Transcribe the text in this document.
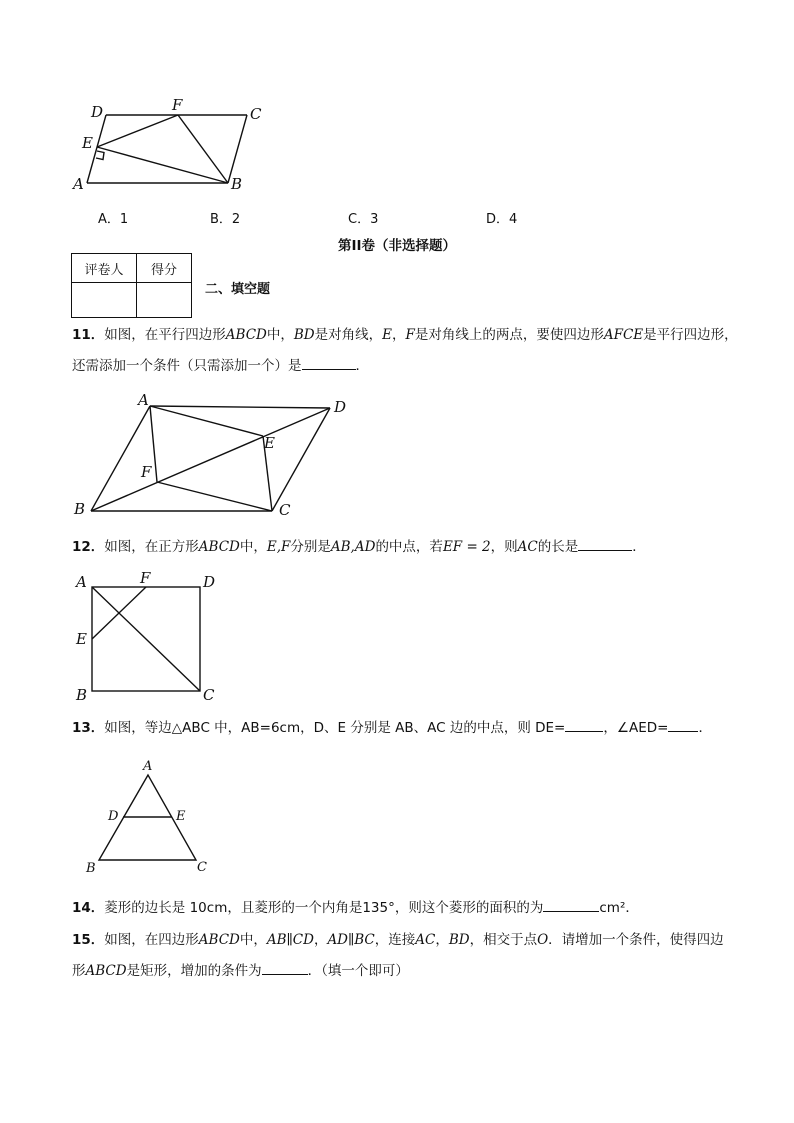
D	F	C
E
A	B
A．1	B．2	C．3	D．4
第II卷（非选择题）
评卷人	得分

二、填空题
11．如图，在平行四边形ABCD中，BD是对角线，E，F是对角线上的两点，要使四边形AFCE是平行四边形，
还需添加一个条件（只需添加一个）是	．
A	D
E
F
B	C
12．如图，在正方形ABCD中，E,F分别是AB,AD的中点，若EF = 2，则AC的长是	．
A	F	D
E
B	C
13．如图，等边△ABC 中，AB=6cm，D、E 分别是 AB、AC 边的中点，则 DE=	，∠AED= ．
A
D	E
B	C
14．菱形的边长是 10cm，且菱形的一个内角是135°，则这个菱形的面积的为	cm²．
15．如图，在四边形ABCD中，AB∥CD，AD∥BC，连接AC，BD，相交于点O．请增加一个条件，使得四边
形ABCD是矩形，增加的条件为	．（填一个即可）
